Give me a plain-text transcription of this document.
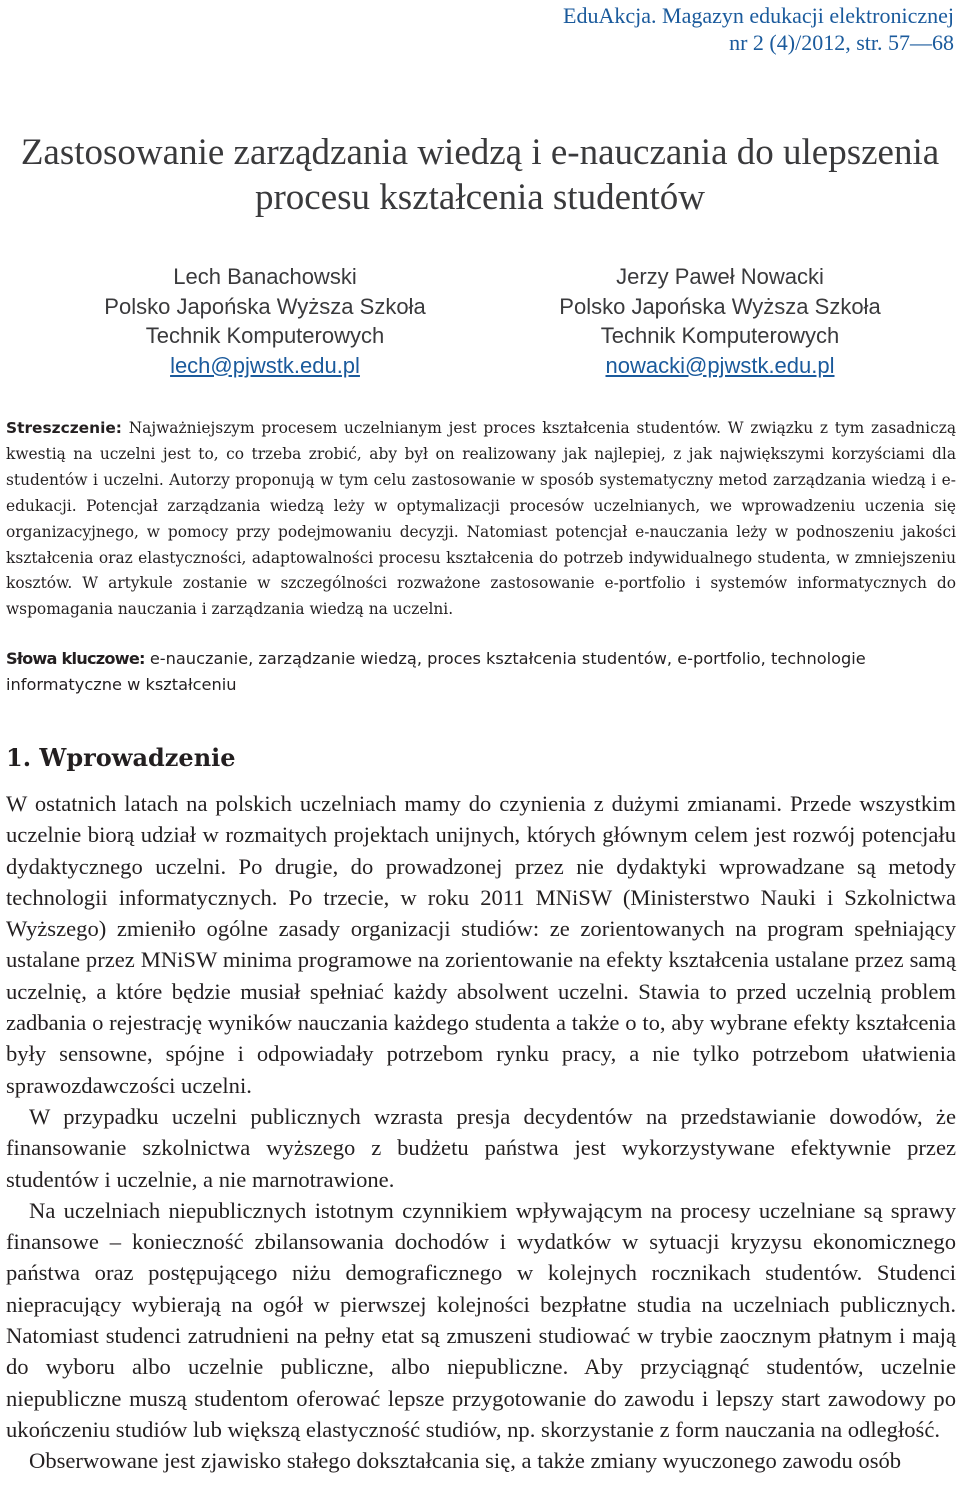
EduAkcja. Magazyn edukacji elektronicznej
nr 2 (4)/2012, str. 57—68
Zastosowanie zarządzania wiedzą i e-nauczania do ulepszenia
procesu kształcenia studentów
Lech Banachowski
Polsko Japońska Wyższa Szkoła
Technik Komputerowych
lech@pjwstk.edu.pl
Jerzy Paweł Nowacki
Polsko Japońska Wyższa Szkoła
Technik Komputerowych
nowacki@pjwstk.edu.pl

Streszczenie: Najważniejszym procesem uczelnianym jest proces kształcenia studentów. W związku z tym zasadniczą kwestią na uczelni jest to, co trzeba zrobić, aby był on realizowany jak najlepiej, z jak największymi korzyściami dla studentów i uczelni. Autorzy proponują w tym celu zastosowanie w sposób systematyczny metod zarządzania wiedzą i e-edukacji. Potencjał zarządzania wiedzą leży w optymalizacji procesów uczelnianych, we wprowadzeniu uczenia się organizacyjnego, w pomocy przy podejmowaniu decyzji. Natomiast potencjał e-nauczania leży w podnoszeniu jakości kształcenia oraz elastyczności, adaptowalności procesu kształcenia do potrzeb indywidualnego studenta, w zmniejszeniu kosztów. W artykule zostanie w szczególności rozważone zastosowanie e-portfolio i systemów informatycznych do wspomagania nauczania i zarządzania wiedzą na uczelni.

Słowa kluczowe: e-nauczanie, zarządzanie wiedzą, proces kształcenia studentów, e-portfolio, technologie informatyczne w kształceniu

1. Wprowadzenie

W ostatnich latach na polskich uczelniach mamy do czynienia z dużymi zmianami. Przede wszystkim uczelnie biorą udział w rozmaitych projektach unijnych, których głównym celem jest rozwój potencjału dydaktycznego uczelni. Po drugie, do prowadzonej przez nie dydaktyki wprowadzane są metody technologii informatycznych. Po trzecie, w roku 2011 MNiSW (Ministerstwo Nauki i Szkolnictwa Wyższego) zmieniło ogólne zasady organizacji studiów: ze zorientowanych na program spełniający ustalane przez MNiSW minima programowe na zorientowanie na efekty kształcenia ustalane przez samą uczelnię, a które będzie musiał spełniać każdy absolwent uczelni. Stawia to przed uczelnią problem zadbania o rejestrację wyników nauczania każdego studenta a także o to, aby wybrane efekty kształcenia były sensowne, spójne i odpowiadały potrzebom rynku pracy, a nie tylko potrzebom ułatwienia sprawozdawczości uczelni.

W przypadku uczelni publicznych wzrasta presja decydentów na przedstawianie dowodów, że finansowanie szkolnictwa wyższego z budżetu państwa jest wykorzystywane efektywnie przez studentów i uczelnie, a nie marnotrawione.

Na uczelniach niepublicznych istotnym czynnikiem wpływającym na procesy uczelniane są sprawy finansowe – konieczność zbilansowania dochodów i wydatków w sytuacji kryzysu ekonomicznego państwa oraz postępującego niżu demograficznego w kolejnych rocznikach studentów. Studenci niepracujący wybierają na ogół w pierwszej kolejności bezpłatne studia na uczelniach publicznych. Natomiast studenci zatrudnieni na pełny etat są zmuszeni studiować w trybie zaocznym płatnym i mają do wyboru albo uczelnie publiczne, albo niepubliczne. Aby przyciągnąć studentów, uczelnie niepubliczne muszą studentom oferować lepsze przygotowanie do zawodu i lepszy start zawodowy po ukończeniu studiów lub większą elastyczność studiów, np. skorzystanie z form nauczania na odległość.

Obserwowane jest zjawisko stałego dokształcania się, a także zmiany wyuczonego zawodu osób
